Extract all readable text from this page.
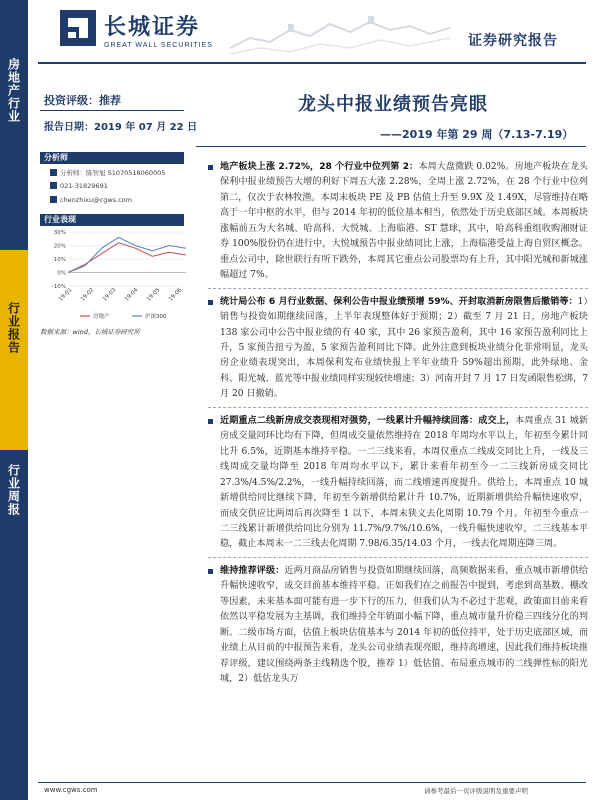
房地产行业
行业报告
行业周报
长城证券
GREAT WALL SECURITIES	证券研究报告
投资评级：推荐
报告日期：2019 年 07 月 22 日
龙头中报业绩预告亮眼
——2019 年第 29 周（7.13-7.19）
分析师
分析师：陈智旭 S1070518060005
021-31829691
chenzhixu@cgws.com
行业表现
30%
20%
10%
0%
-10%
19-01 19-02 19-03 19-04 19-05 19-06
房地产	沪深300
数据来源：wind，长城证券研究所
地产板块上涨 2.72%，28 个行业中位列第 2：本周大盘微跌 0.02%。房地产板块在龙头保利中报业绩预告大增的利好下周五大涨 2.28%，全周上涨 2.72%，在 28 个行业中位列第二，仅次于农林牧渔。本周末板块 PE 及 PB 估值上升至 9.9X 及 1.49X，尽管维持在略高于一年中枢的水平，但与 2014 年初的低位基本相当，依然处于历史底部区域。本周板块涨幅前五为大名城、哈高科、大悦城、上海临港、ST 慧球，其中，哈高科重组收购湘财证券 100%股份仍在进行中，大悦城预告中报业绩同比上涨，上海临港受益上海自贸区概念。重点公司中，除世联行有所下跌外，本周其它重点公司股票均有上升，其中阳光城和新城涨幅超过 7%。
统计局公布 6 月行业数据、保利公告中报业绩预增 59%、开封取消新房限售后撤销等：1）销售与投资如期继续回落，上半年表现整体好于预期；2）截至 7 月 21 日，房地产板块 138 家公司中公告中报业绩的有 40 家，其中 26 家预告盈利，其中 16 家预告盈利同比上升，5 家预告扭亏为盈，5 家预告盈利同比下降。此外注意到板块业绩分化非常明显，龙头房企业绩表现突出，本周保利发布业绩快报上半年业绩升 59%超出预期，此外绿地、金科、阳光城、蓝光等中报业绩同样实现较快增速；3）河南开封 7 月 17 日发函限售松绑，7 月 20 日撤销。
近期重点二线新房成交表现相对强势，一线累计升幅持续回落：成交上，本周重点 31 城新房成交量同环比均有下降，但周成交量依然维持在 2018 年周均水平以上，年初至今累计同比升 6.5%，近期基本维持平稳。一二三线来看，本周仅重点二线成交同比上升，一线及三线周成交量均降至 2018 年周均水平以下，累计来看年初至今一二三线新房成交同比 27.3%/4.5%/2.2%，一线升幅持续回落，而二线增速再度提升。供给上，本周重点 10 城新增供给同比继续下降，年初至今新增供给累计升 10.7%，近期新增供给升幅快速收窄，而成交供应比两周后再次降至 1 以下，本周末狭义去化周期 10.79 个月。年初至今重点一二三线累计新增供给同比分别为 11.7%/9.7%/10.6%，一线升幅快速收窄，二三线基本平稳，截止本周末一二三线去化周期 7.98/6.35/14.03 个月，一线去化周期连降三周。
维持推荐评级：近两月商品房销售与投资如期继续回落，高频数据来看，重点城市新增供给升幅快速收窄，成交目前基本维持平稳。正如我们在之前报告中提到，考虑到高基数、棚改等因素，未来基本面可能有进一步下行的压力，但我们认为不必过于悲观，政策面目前来看依然以平稳发展为主基调，我们维持全年销面小幅下降，重点城市量升价稳三四线分化的判断。二级市场方面，估值上板块估值基本与 2014 年初的低位持平，处于历史底部区域，而业绩上从目前的中报预告来看，龙头公司业绩表现亮眼，维持高增速，因此我们维持板块推荐评级，建议围绕两条主线精选个股，推荐 1）低估值、布局重点城市的二线弹性标的阳光城，2）低估龙头万
www.cgws.com	请参考最后一页评级说明及重要声明
